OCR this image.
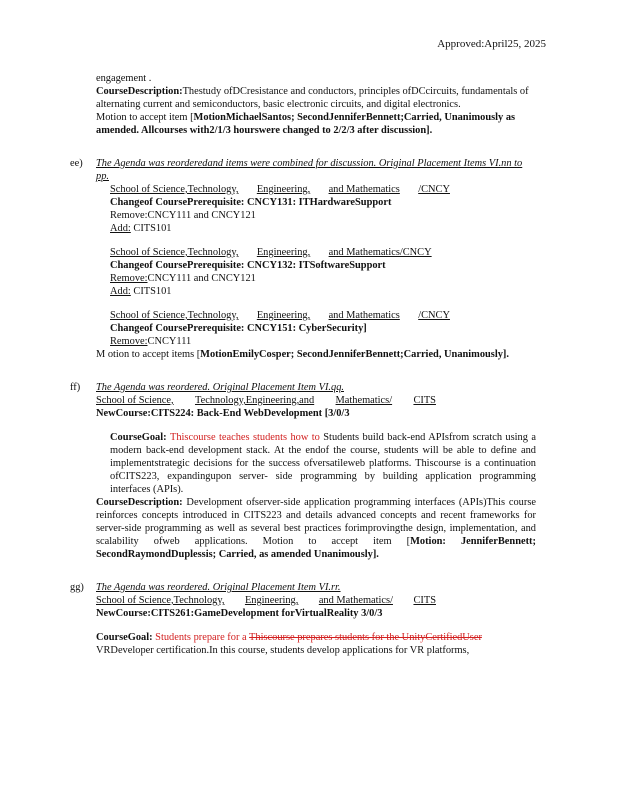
Approved:April25, 2025

engagement .

CourseDescription:Thestudy ofDCresistance and conductors, principles ofDCcircuits, fundamentals of alternating current and semiconductors, basic electronic circuits, and digital electronics.

Motion to accept item [MotionMichaelSantos; SecondJenniferBennett;Carried, Unanimously as amended. Allcourses with2/1/3 hourswere changed to 2/2/3 after discussion].

ee) The Agenda was reorderedand items were combined for discussion. Original Placement Items VI.nn to pp.

School of Science,Technology, Engineering, and Mathematics /CNCY

Changeof CoursePrerequisite: CNCY131: ITHardwareSupport

Remove:CNCY111 and CNCY121

Add: CITS101

School of Science,Technology, Engineering, and Mathematics/CNCY

Changeof CoursePrerequisite: CNCY132: ITSoftwareSupport

Remove:CNCY111 and CNCY121

Add: CITS101

School of Science,Technology, Engineering, and Mathematics /CNCY

Changeof CoursePrerequisite: CNCY151: CyberSecurity]

Remove:CNCY111

M otion to accept items [MotionEmilyCosper; SecondJenniferBennett;Carried, Unanimously].

ff) The Agenda was reordered. Original Placement Item VI.qq.

School of Science, Technology,Engineering,and Mathematics/ CITS

NewCourse:CITS224: Back-End WebDevelopment [3/0/3

CourseGoal: Thiscourse teaches students how to Students build back-end APIsfrom scratch using a modern back-end development stack. At the endof the course, students will be able to define and implementstrategic decisions for the success ofversatileweb platforms. Thiscourse is a continuation ofCITS223, expandingupon server- side programming by building application programming interfaces (APIs).

CourseDescription: Development ofserver-side application programming interfaces (APIs)This course reinforces concepts introduced in CITS223 and details advanced concepts and recent frameworks for server-side programming as well as several best practices forimprovingthe design, implementation, and scalability ofweb applications. Motion to accept item [Motion: JenniferBennett; SecondRaymondDuplessis; Carried, as amended Unanimously].

gg) The Agenda was reordered. Original Placement Item VI.rr.

School of Science,Technology, Engineering, and Mathematics/ CITS

NewCourse:CITS261:GameDevelopment forVirtualReality 3/0/3

CourseGoal: Students prepare for a Thiscourse prepares students for the UnityCertifiedUser

VRDeveloper certification.In this course, students develop applications for VR platforms,
